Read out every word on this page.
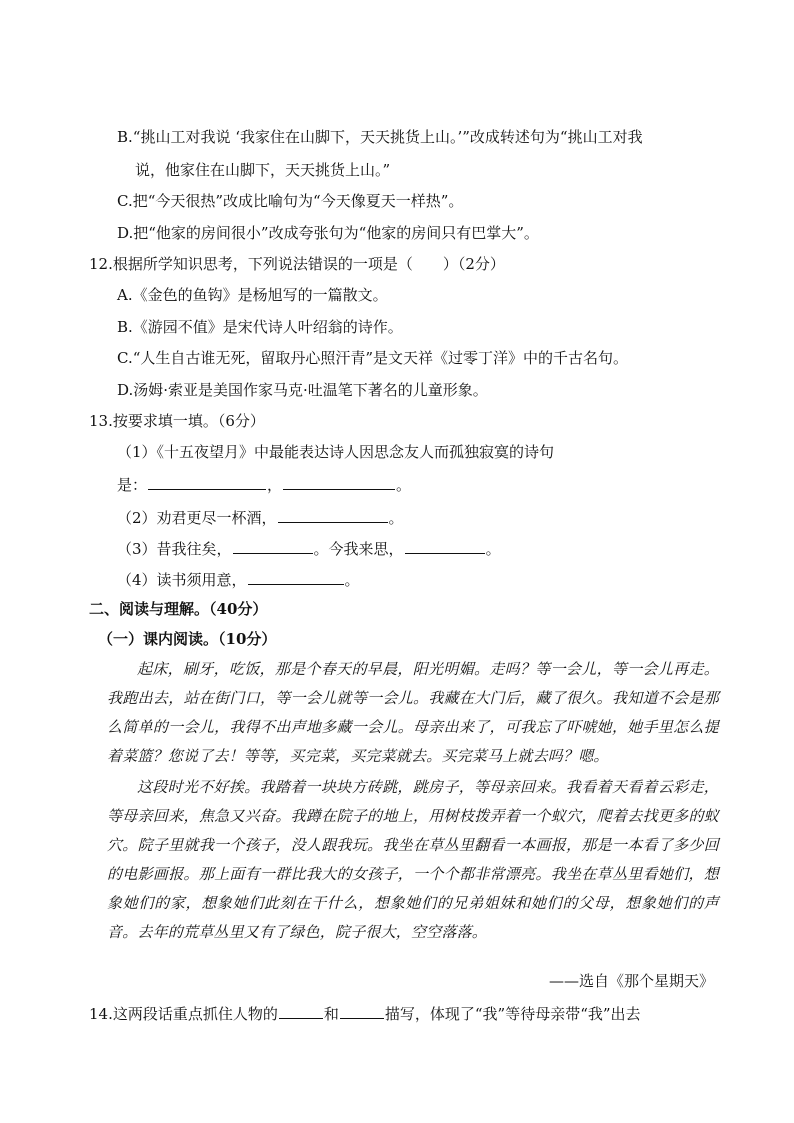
B.“挑山工对我说 ‘我家住在山脚下，天天挑货上山。’”改成转述句为“挑山工对我
说，他家住在山脚下，天天挑货上山。”
C.把“今天很热”改成比喻句为“今天像夏天一样热”。
D.把“他家的房间很小”改成夸张句为“他家的房间只有巴掌大”。
12.根据所学知识思考，下列说法错误的一项是（　　）（2分）
A.《金色的鱼钩》是杨旭写的一篇散文。
B.《游园不值》是宋代诗人叶绍翁的诗作。
C.“人生自古谁无死，留取丹心照汗青”是文天祥《过零丁洋》中的千古名句。
D.汤姆·索亚是美国作家马克·吐温笔下著名的儿童形象。
13.按要求填一填。（6分）
（1）《十五夜望月》中最能表达诗人因思念友人而孤独寂寞的诗句
是：	，	。
（2）劝君更尽一杯酒，	。
（3）昔我往矣，	。今我来思，	。
（4）读书须用意，	。
二、阅读与理解。（40分）
（一）课内阅读。（10分）

起床，刷牙，吃饭，那是个春天的早晨，阳光明媚。走吗？等一会儿，等一会儿再走。我跑出去，站在街门口，等一会儿就等一会儿。我藏在大门后，藏了很久。我知道不会是那么简单的一会儿，我得不出声地多藏一会儿。母亲出来了，可我忘了吓唬她，她手里怎么提着菜篮？您说了去！等等，买完菜，买完菜就去。买完菜马上就去吗？嗯。

这段时光不好挨。我踏着一块块方砖跳，跳房子，等母亲回来。我看着天看着云彩走，等母亲回来，焦急又兴奋。我蹲在院子的地上，用树枝拨弄着一个蚁穴，爬着去找更多的蚁穴。院子里就我一个孩子，没人跟我玩。我坐在草丛里翻看一本画报，那是一本看了多少回的电影画报。那上面有一群比我大的女孩子，一个个都非常漂亮。我坐在草丛里看她们，想象她们的家，想象她们此刻在干什么，想象她们的兄弟姐妹和她们的父母，想象她们的声音。去年的荒草丛里又有了绿色，院子很大，空空落落。

——选自《那个星期天》
14.这两段话重点抓住人物的	和	描写，体现了“我”等待母亲带“我”出去
